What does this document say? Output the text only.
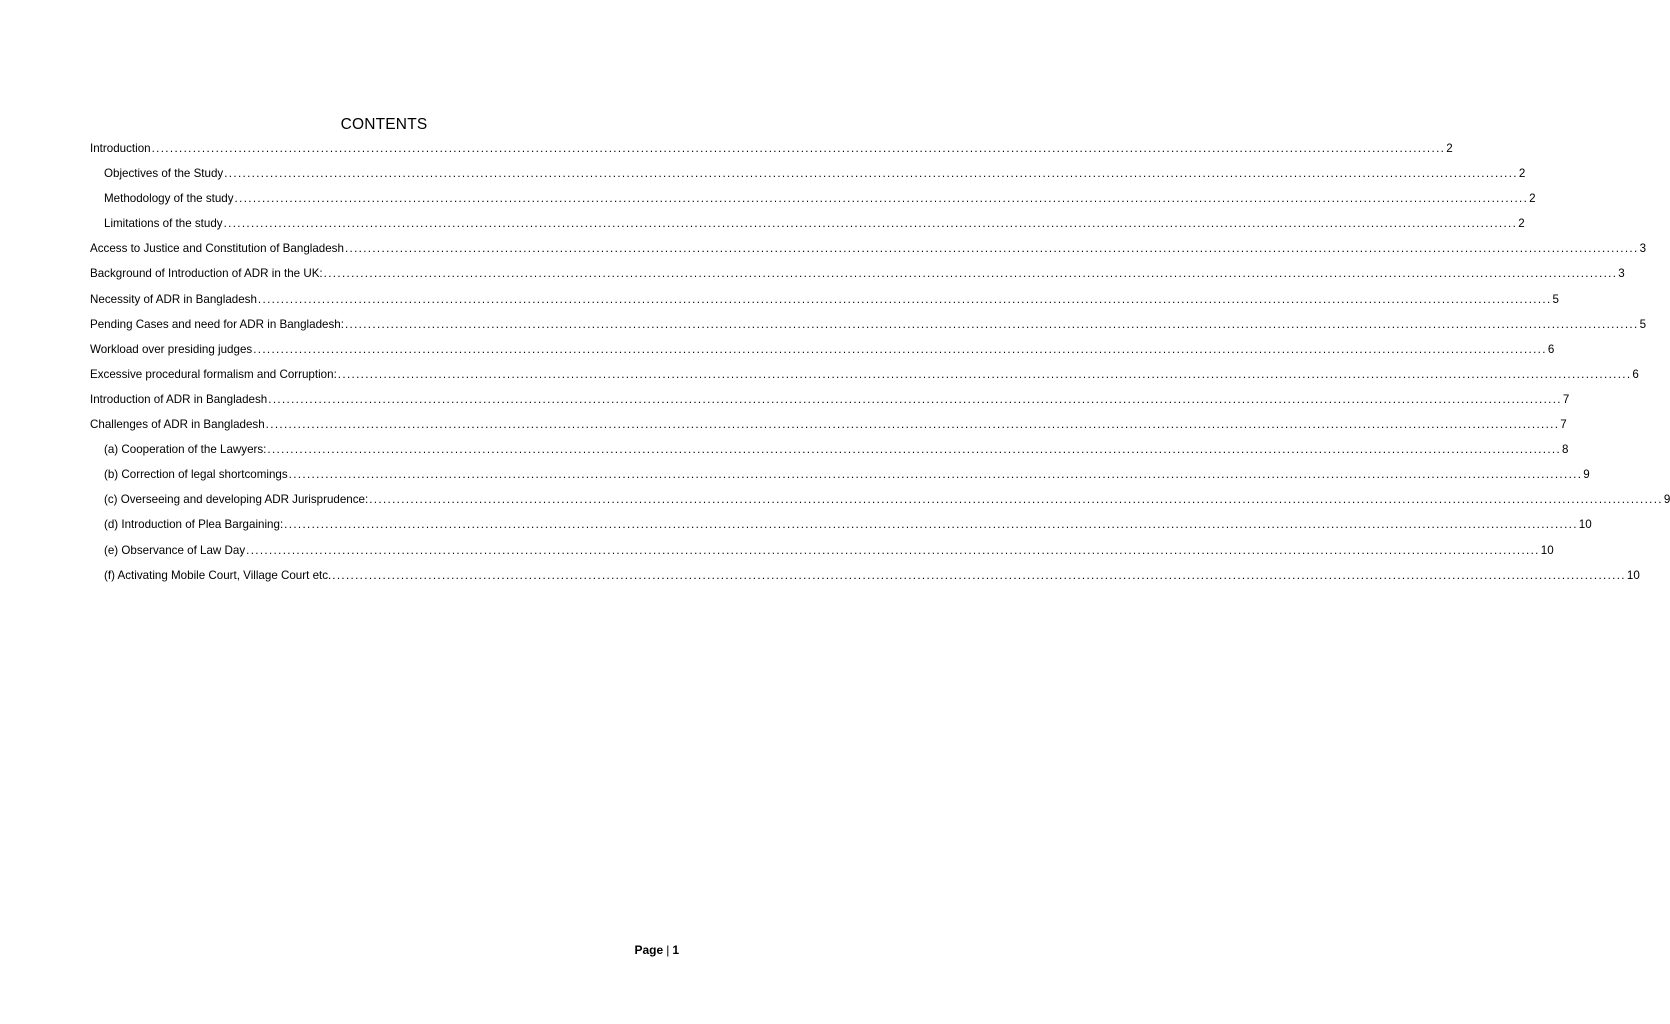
CONTENTS
Introduction ........................................................................................................................................................................................................................................................................................... 2
Objectives of the Study ........................................................................................................................................................................................................................................................................................... 2
Methodology of the study ........................................................................................................................................................................................................................................................................................... 2
Limitations of the study ........................................................................................................................................................................................................................................................................................... 2
Access to Justice and Constitution of Bangladesh ........................................................................................................................................................................................................................................................................................... 3
Background of Introduction of ADR in the UK: ........................................................................................................................................................................................................................................................................................... 3
Necessity of ADR in Bangladesh ........................................................................................................................................................................................................................................................................................... 5
Pending Cases and need for ADR in Bangladesh: ........................................................................................................................................................................................................................................................................................... 5
Workload over presiding judges ........................................................................................................................................................................................................................................................................................... 6
Excessive procedural formalism and Corruption: ........................................................................................................................................................................................................................................................................................... 6
Introduction of ADR in Bangladesh ........................................................................................................................................................................................................................................................................................... 7
Challenges of ADR in Bangladesh ........................................................................................................................................................................................................................................................................................... 7
(a) Cooperation of the Lawyers: ........................................................................................................................................................................................................................................................................................... 8
(b) Correction of legal shortcomings ........................................................................................................................................................................................................................................................................................... 9
(c) Overseeing and developing ADR Jurisprudence: ........................................................................................................................................................................................................................................................................................... 9
(d) Introduction of Plea Bargaining: ........................................................................................................................................................................................................................................................................................... 10
(e) Observance of Law Day ........................................................................................................................................................................................................................................................................................... 10
(f) Activating Mobile Court, Village Court etc. ........................................................................................................................................................................................................................................................................................... 10
Page | 1
